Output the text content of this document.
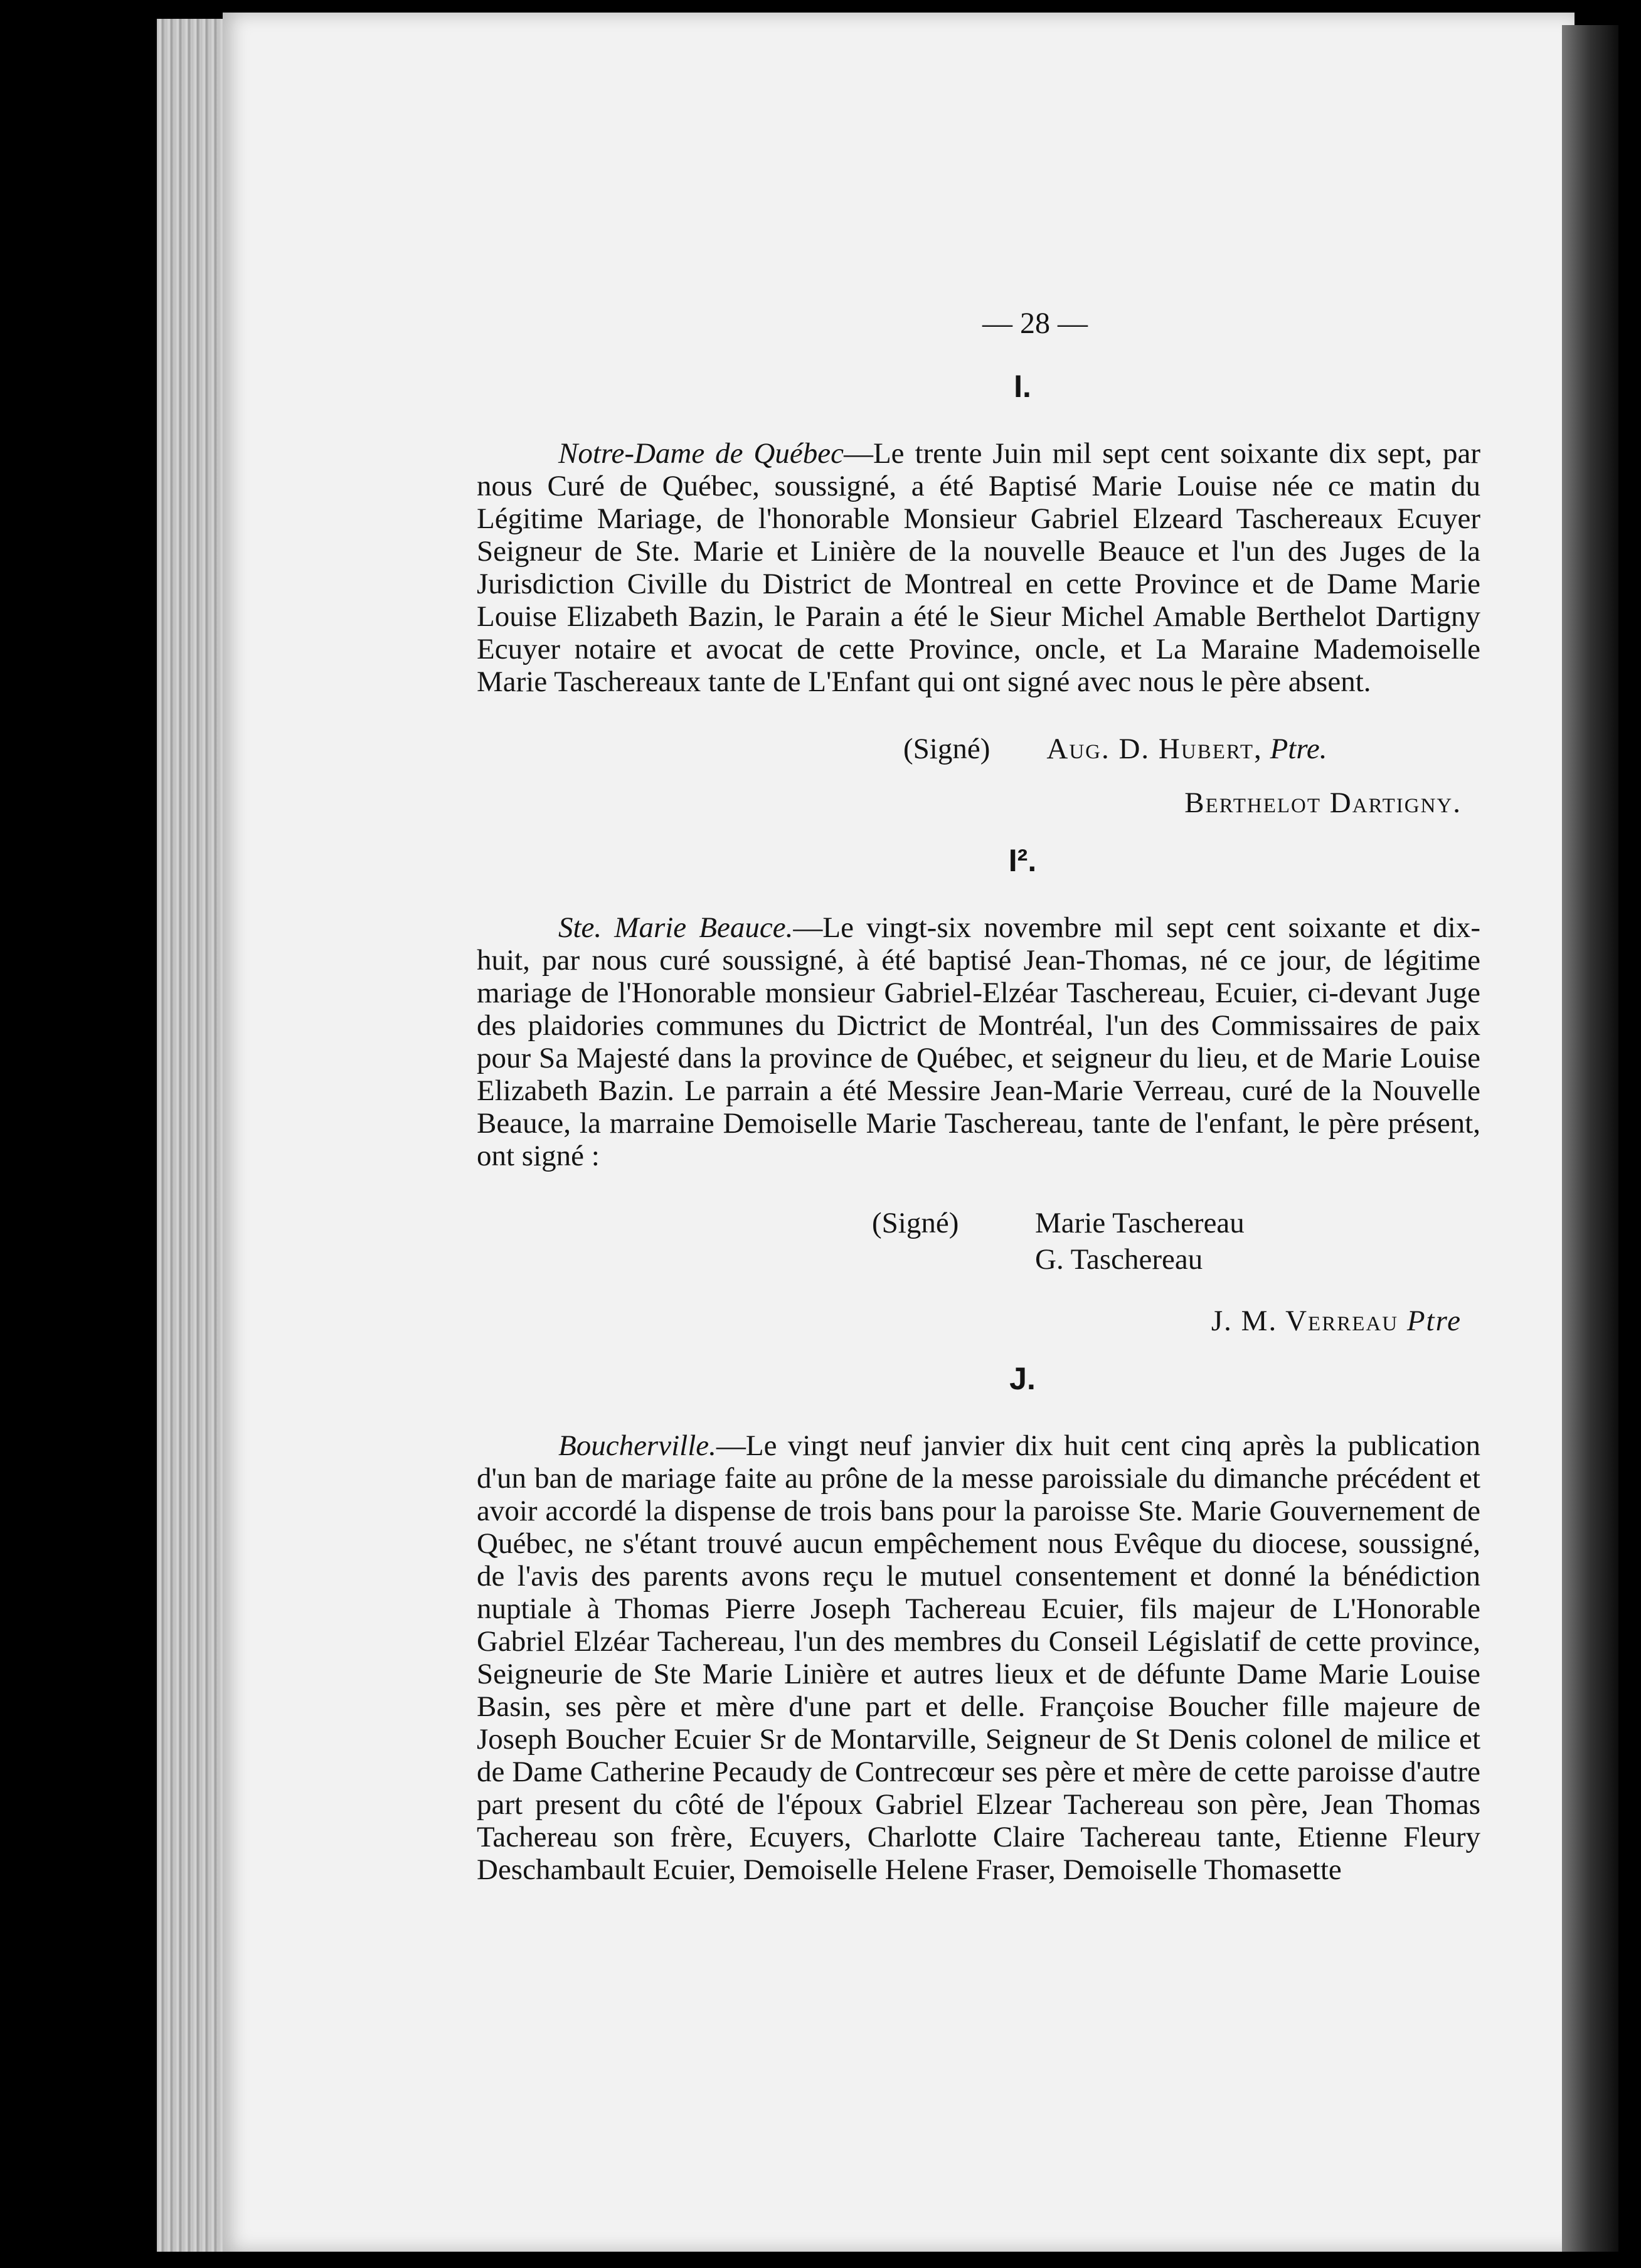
— 28 —
I.

Notre-Dame de Québec—Le trente Juin mil sept cent soixante dix sept, par nous Curé de Québec, soussigné, a été Baptisé Marie Louise née ce matin du Légitime Mariage, de l'honorable Monsieur Gabriel Elzeard Taschereaux Ecuyer Seigneur de Ste. Marie et Linière de la nouvelle Beauce et l'un des Juges de la Jurisdiction Civille du District de Montreal en cette Province et de Dame Marie Louise Elizabeth Bazin, le Parain a été le Sieur Michel Amable Berthelot Dartigny Ecuyer notaire et avocat de cette Province, oncle, et La Maraine Mademoiselle Marie Taschereaux tante de L'Enfant qui ont signé avec nous le père absent.

(Signé) Aug. D. Hubert, Ptre.
Berthelot Dartigny.
I².

Ste. Marie Beauce.—Le vingt-six novembre mil sept cent soixante et dix-huit, par nous curé soussigné, à été baptisé Jean-Thomas, né ce jour, de légitime mariage de l'Honorable monsieur Gabriel-Elzéar Taschereau, Ecuier, ci-devant Juge des plaidories communes du Dictrict de Montréal, l'un des Commissaires de paix pour Sa Majesté dans la province de Québec, et seigneur du lieu, et de Marie Louise Elizabeth Bazin. Le parrain a été Messire Jean-Marie Verreau, curé de la Nouvelle Beauce, la marraine Demoiselle Marie Taschereau, tante de l'enfant, le père présent, ont signé :

(Signé)	Marie Taschereau
G. Taschereau
J. M. Verreau Ptre
J.

Boucherville.—Le vingt neuf janvier dix huit cent cinq après la publication d'un ban de mariage faite au prône de la messe paroissiale du dimanche précédent et avoir accordé la dispense de trois bans pour la paroisse Ste. Marie Gouvernement de Québec, ne s'étant trouvé aucun empêchement nous Evêque du diocese, soussigné, de l'avis des parents avons reçu le mutuel consentement et donné la bénédiction nuptiale à Thomas Pierre Joseph Tachereau Ecuier, fils majeur de L'Honorable Gabriel Elzéar Tachereau, l'un des membres du Conseil Législatif de cette province, Seigneurie de Ste Marie Linière et autres lieux et de défunte Dame Marie Louise Basin, ses père et mère d'une part et delle. Françoise Boucher fille majeure de Joseph Boucher Ecuier Sr de Montarville, Seigneur de St Denis colonel de milice et de Dame Catherine Pecaudy de Contrecœur ses père et mère de cette paroisse d'autre part present du côté de l'époux Gabriel Elzear Tachereau son père, Jean Thomas Tachereau son frère, Ecuyers, Charlotte Claire Tachereau tante, Etienne Fleury Deschambault Ecuier, Demoiselle Helene Fraser, Demoiselle Thomasette
